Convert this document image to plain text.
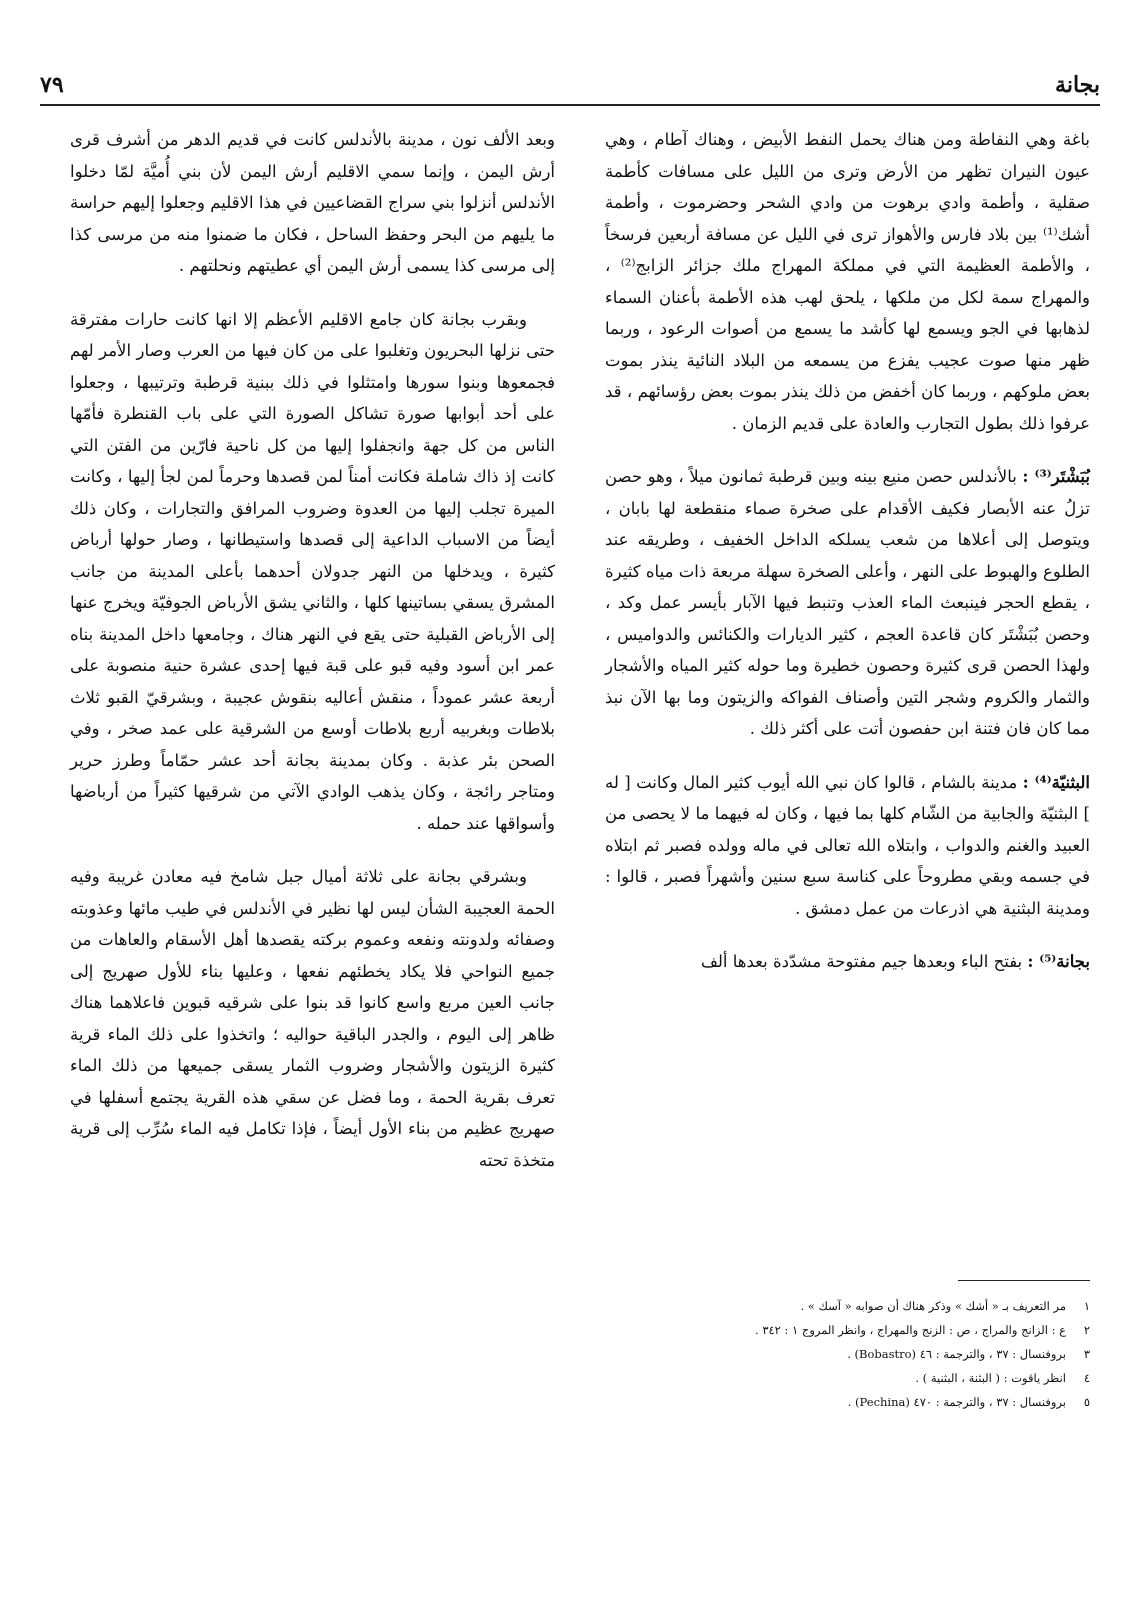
بجانة
٧٩

باغة وهي النفاطة ومن هناك يحمل النفط الأبيض ، وهناك آطام ، وهي عيون النيران تظهر من الأرض وترى من الليل على مسافات كأطمة صقلية ، وأطمة وادي برهوت من وادي الشحر وحضرموت ، وأطمة أشك⁽¹⁾ بين بلاد فارس والأهواز ترى في الليل عن مسافة أربعين فرسخاً ، والأطمة العظيمة التي في مملكة المهراج ملك جزائر الزابج⁽²⁾ ، والمهراج سمة لكل من ملكها ، يلحق لهب هذه الأطمة بأعنان السماء لذهابها في الجو ويسمع لها كأشد ما يسمع من أصوات الرعود ، وربما ظهر منها صوت عجيب يفزع من يسمعه من البلاد النائية ينذر بموت بعض ملوكهم ، وربما كان أخفض من ذلك ينذر بموت بعض رؤسائهم ، قد عرفوا ذلك بطول التجارب والعادة على قديم الزمان .

بُبَشْتَر⁽³⁾ : بالأندلس حصن منيع بينه وبين قرطبة ثمانون ميلاً ، وهو حصن تزلُ عنه الأبصار فكيف الأقدام على صخرة صماء منقطعة لها بابان ، ويتوصل إلى أعلاها من شعب يسلكه الداخل الخفيف ، وطريقه عند الطلوع والهبوط على النهر ، وأعلى الصخرة سهلة مربعة ذات مياه كثيرة ، يقطع الحجر فينبعث الماء العذب وتنبط فيها الآبار بأيسر عمل وكد ، وحصن بُبَشْتَر كان قاعدة العجم ، كثير الديارات والكنائس والدواميس ، ولهذا الحصن قرى كثيرة وحصون خطيرة وما حوله كثير المياه والأشجار والثمار والكروم وشجر التين وأصناف الفواكه والزيتون وما بها الآن نبذ مما كان فان فتنة ابن حفصون أتت على أكثر ذلك .

البثنيّة⁽⁴⁾ : مدينة بالشام ، قالوا كان نبي الله أيوب كثير المال وكانت [ له ] البثنيّة والجابية من الشّام كلها بما فيها ، وكان له فيهما ما لا يحصى من العبيد والغنم والدواب ، وابتلاه الله تعالى في ماله وولده فصبر ثم ابتلاه في جسمه وبقي مطروحاً على كناسة سبع سنين وأشهراً فصبر ، قالوا : ومدينة البثنية هي اذرعات من عمل دمشق .

بجانة⁽⁵⁾ : بفتح الباء وبعدها جيم مفتوحة مشدّدة بعدها ألف

وبعد الألف نون ، مدينة بالأندلس كانت في قديم الدهر من أشرف قرى أرش اليمن ، وإنما سمي الاقليم أرش اليمن لأن بني أُميَّة لمّا دخلوا الأندلس أنزلوا بني سراج القضاعيين في هذا الاقليم وجعلوا إليهم حراسة ما يليهم من البحر وحفظ الساحل ، فكان ما ضمنوا منه من مرسى كذا إلى مرسى كذا يسمى أرش اليمن أي عطيتهم ونحلتهم .

وبقرب بجانة كان جامع الاقليم الأعظم إلا انها كانت حارات مفترقة حتى نزلها البحريون وتغلبوا على من كان فيها من العرب وصار الأمر لهم فجمعوها وبنوا سورها وامتثلوا في ذلك ببنية قرطبة وترتيبها ، وجعلوا على أحد أبوابها صورة تشاكل الصورة التي على باب القنطرة فأمّها الناس من كل جهة وانجفلوا إليها من كل ناحية فارّين من الفتن التي كانت إذ ذاك شاملة فكانت أمناً لمن قصدها وحرماً لمن لجأ إليها ، وكانت الميرة تجلب إليها من العدوة وضروب المرافق والتجارات ، وكان ذلك أيضاً من الاسباب الداعية إلى قصدها واستيطانها ، وصار حولها أرباض كثيرة ، ويدخلها من النهر جدولان أحدهما بأعلى المدينة من جانب المشرق يسقي بساتينها كلها ، والثاني يشق الأرباض الجوفيّة ويخرج عنها إلى الأرباض القبلية حتى يقع في النهر هناك ، وجامعها داخل المدينة بناه عمر ابن أسود وفيه قبو على قبة فيها إحدى عشرة حنية منصوبة على أربعة عشر عموداً ، منقش أعاليه بنقوش عجيبة ، وبشرقيّ القبو ثلاث بلاطات وبغربيه أربع بلاطات أوسع من الشرقية على عمد صخر ، وفي الصحن بئر عذبة . وكان بمدينة بجانة أحد عشر حمّاماً وطرز حرير ومتاجر رائجة ، وكان يذهب الوادي الآتي من شرقيها كثيراً من أرباضها وأسواقها عند حمله .

وبشرقي بجانة على ثلاثة أميال جبل شامخ فيه معادن غريبة وفيه الحمة العجيبة الشأن ليس لها نظير في الأندلس في طيب مائها وعذوبته وصفائه ولدونته ونفعه وعموم بركته يقصدها أهل الأسقام والعاهات من جميع النواحي فلا يكاد يخطئهم نفعها ، وعليها بناء للأول صهريج إلى جانب العين مربع واسع كانوا قد بنوا على شرقيه قبوين فاعلاهما هناك ظاهر إلى اليوم ، والجدر الباقية حواليه ؛ واتخذوا على ذلك الماء قرية كثيرة الزيتون والأشجار وضروب الثمار يسقى جميعها من ذلك الماء تعرف بقرية الحمة ، وما فضل عن سقي هذه القرية يجتمع أسفلها في صهريج عظيم من بناء الأول أيضاً ، فإذا تكامل فيه الماء سُرِّب إلى قرية متخذة تحته

١
مر التعريف بـ « أشك » وذكر هناك أن صوابه « آسك » .
٢
ع : الزانج والمراج ، ص : الزنج والمهراج ، وانظر المروج ١ : ٣٤٢ .
٣
بروفنسال : ٣٧ ، والترجمة : ٤٦ (Bobastro) .
٤
انظر ياقوت : ( البثنة ، البثنية ) .
٥
بروفنسال : ٣٧ ، والترجمة : ٤٧٠ (Pechina) .
